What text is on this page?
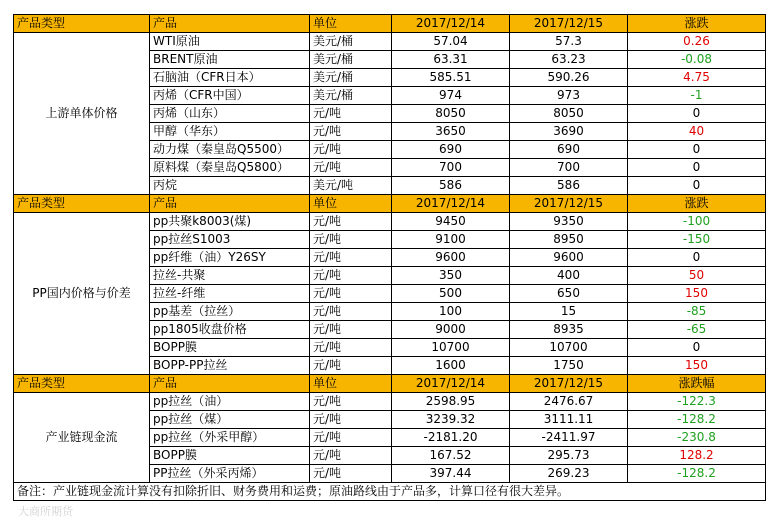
产品类型	产品	单位	2017/12/14	2017/12/15	涨跌
上游单体价格	WTI原油	美元/桶	57.04	57.3	0.26
	BRENT原油	美元/桶	63.31	63.23	-0.08
	石脑油（CFR日本）	美元/桶	585.51	590.26	4.75
	丙烯（CFR中国）	美元/桶	974	973	-1
	丙烯（山东）	元/吨	8050	8050	0
	甲醇（华东）	元/吨	3650	3690	40
	动力煤（秦皇岛Q5500）	元/吨	690	690	0
	原料煤（秦皇岛Q5800）	元/吨	700	700	0
	丙烷	美元/吨	586	586	0
产品类型	产品	单位	2017/12/14	2017/12/15	涨跌
PP国内价格与价差	pp共聚k8003(煤)	元/吨	9450	9350	-100
	pp拉丝S1003	元/吨	9100	8950	-150
	pp纤维（油）Y26SY	元/吨	9600	9600	0
	拉丝-共聚	元/吨	350	400	50
	拉丝-纤维	元/吨	500	650	150
	pp基差（拉丝）	元/吨	100	15	-85
	pp1805收盘价格	元/吨	9000	8935	-65
	BOPP膜	元/吨	10700	10700	0
	BOPP-PP拉丝	元/吨	1600	1750	150
产品类型	产品	单位	2017/12/14	2017/12/15	涨跌幅
产业链现金流	pp拉丝（油）	元/吨	2598.95	2476.67	-122.3
	pp拉丝（煤）	元/吨	3239.32	3111.11	-128.2
	pp拉丝（外采甲醇）	元/吨	-2181.20	-2411.97	-230.8
	BOPP膜	元/吨	167.52	295.73	128.2
	PP拉丝（外采丙烯）	元/吨	397.44	269.23	-128.2
备注：产业链现金流计算没有扣除折旧、财务费用和运费；原油路线由于产品多，计算口径有很大差异。					
大商所期货
